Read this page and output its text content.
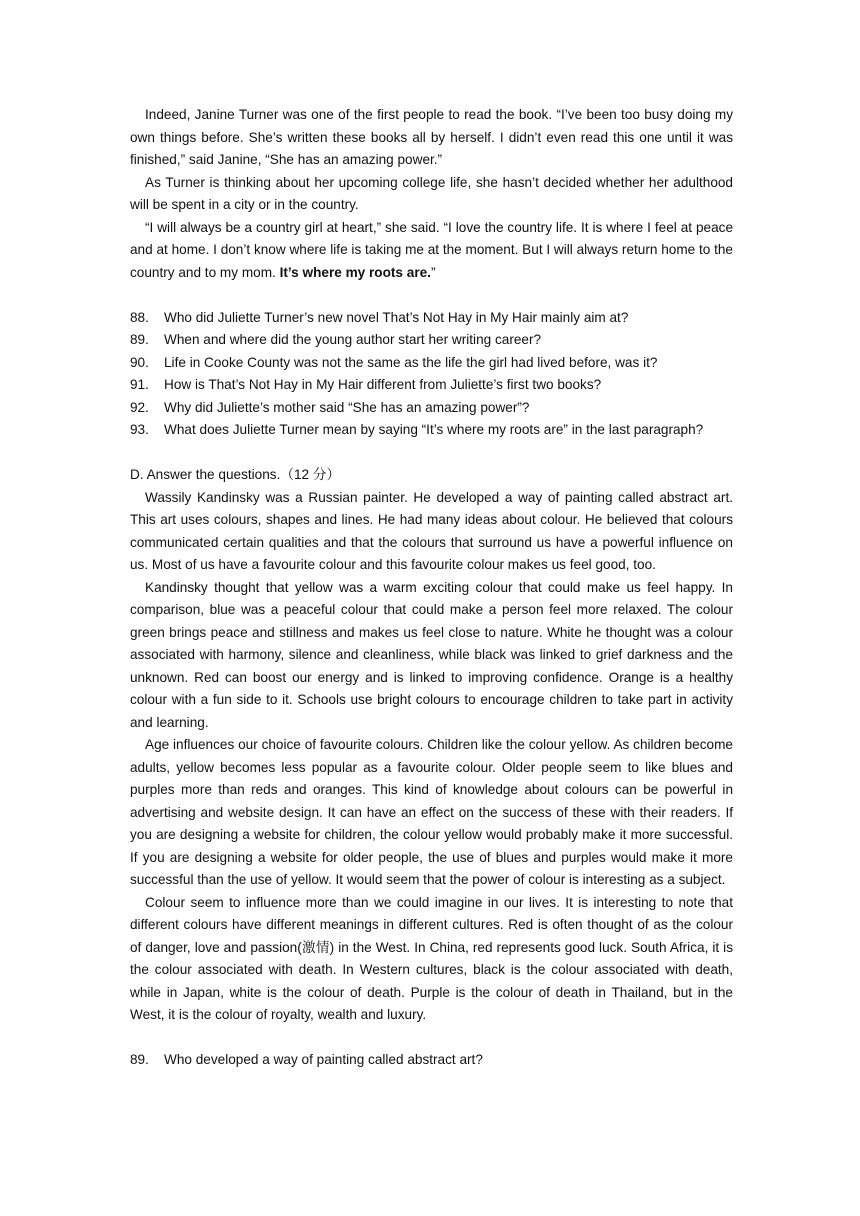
Indeed, Janine Turner was one of the first people to read the book. “I’ve been too busy doing my own things before. She’s written these books all by herself. I didn’t even read this one until it was finished,” said Janine, “She has an amazing power.”

As Turner is thinking about her upcoming college life, she hasn’t decided whether her adulthood will be spent in a city or in the country.

“I will always be a country girl at heart,” she said. “I love the country life. It is where I feel at peace and at home. I don’t know where life is taking me at the moment. But I will always return home to the country and to my mom. It’s where my roots are.”

88.	Who did Juliette Turner’s new novel That’s Not Hay in My Hair mainly aim at?
89.	When and where did the young author start her writing career?
90.	Life in Cooke County was not the same as the life the girl had lived before, was it?
91.	How is That’s Not Hay in My Hair different from Juliette’s first two books?
92.	Why did Juliette’s mother said “She has an amazing power”?
93.	What does Juliette Turner mean by saying “It’s where my roots are” in the last paragraph?

D. Answer the questions.（12 分）

Wassily Kandinsky was a Russian painter. He developed a way of painting called abstract art. This art uses colours, shapes and lines. He had many ideas about colour. He believed that colours communicated certain qualities and that the colours that surround us have a powerful influence on us. Most of us have a favourite colour and this favourite colour makes us feel good, too.

Kandinsky thought that yellow was a warm exciting colour that could make us feel happy. In comparison, blue was a peaceful colour that could make a person feel more relaxed. The colour green brings peace and stillness and makes us feel close to nature. White he thought was a colour associated with harmony, silence and cleanliness, while black was linked to grief darkness and the unknown. Red can boost our energy and is linked to improving confidence. Orange is a healthy colour with a fun side to it. Schools use bright colours to encourage children to take part in activity and learning.

Age influences our choice of favourite colours. Children like the colour yellow. As children become adults, yellow becomes less popular as a favourite colour. Older people seem to like blues and purples more than reds and oranges. This kind of knowledge about colours can be powerful in advertising and website design. It can have an effect on the success of these with their readers. If you are designing a website for children, the colour yellow would probably make it more successful. If you are designing a website for older people, the use of blues and purples would make it more successful than the use of yellow. It would seem that the power of colour is interesting as a subject.

Colour seem to influence more than we could imagine in our lives. It is interesting to note that different colours have different meanings in different cultures. Red is often thought of as the colour of danger, love and passion(激情) in the West. In China, red represents good luck. South Africa, it is the colour associated with death. In Western cultures, black is the colour associated with death, while in Japan, white is the colour of death. Purple is the colour of death in Thailand, but in the West, it is the colour of royalty, wealth and luxury.

89.	Who developed a way of painting called abstract art?
